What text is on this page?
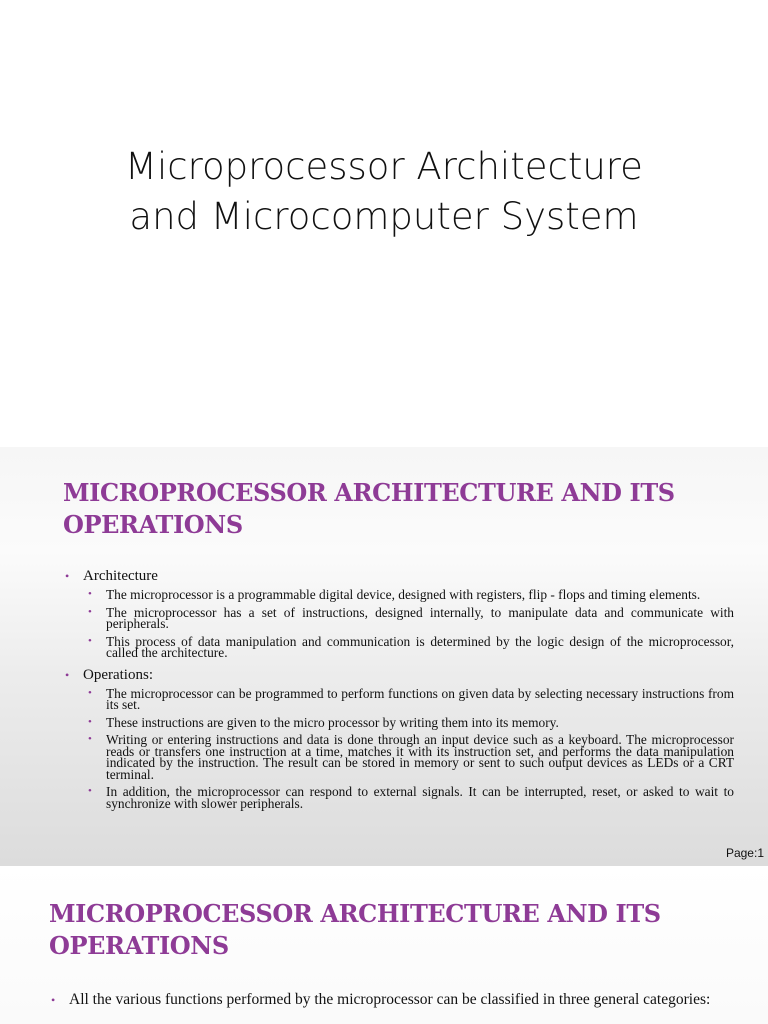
Microprocessor Architecture
and Microcomputer System
MICROPROCESSOR ARCHITECTURE AND ITS
OPERATIONS

• Architecture

• The microprocessor is a programmable digital device, designed with registers, flip - flops and timing elements.

• The microprocessor has a set of instructions, designed internally, to manipulate data and communicate with peripherals.

• This process of data manipulation and communication is determined by the logic design of the microprocessor, called the architecture.

• Operations:

• The microprocessor can be programmed to perform functions on given data by selecting necessary instructions from its set.

• These instructions are given to the micro processor by writing them into its memory.

• Writing or entering instructions and data is done through an input device such as a keyboard. The microprocessor reads or transfers one instruction at a time, matches it with its instruction set, and performs the data manipulation indicated by the instruction. The result can be stored in memory or sent to such output devices as LEDs or a CRT terminal.

• In addition, the microprocessor can respond to external signals. It can be interrupted, reset, or asked to wait to synchronize with slower peripherals.

Page:1
MICROPROCESSOR ARCHITECTURE AND ITS
OPERATIONS

• All the various functions performed by the microprocessor can be classified in three general categories:
